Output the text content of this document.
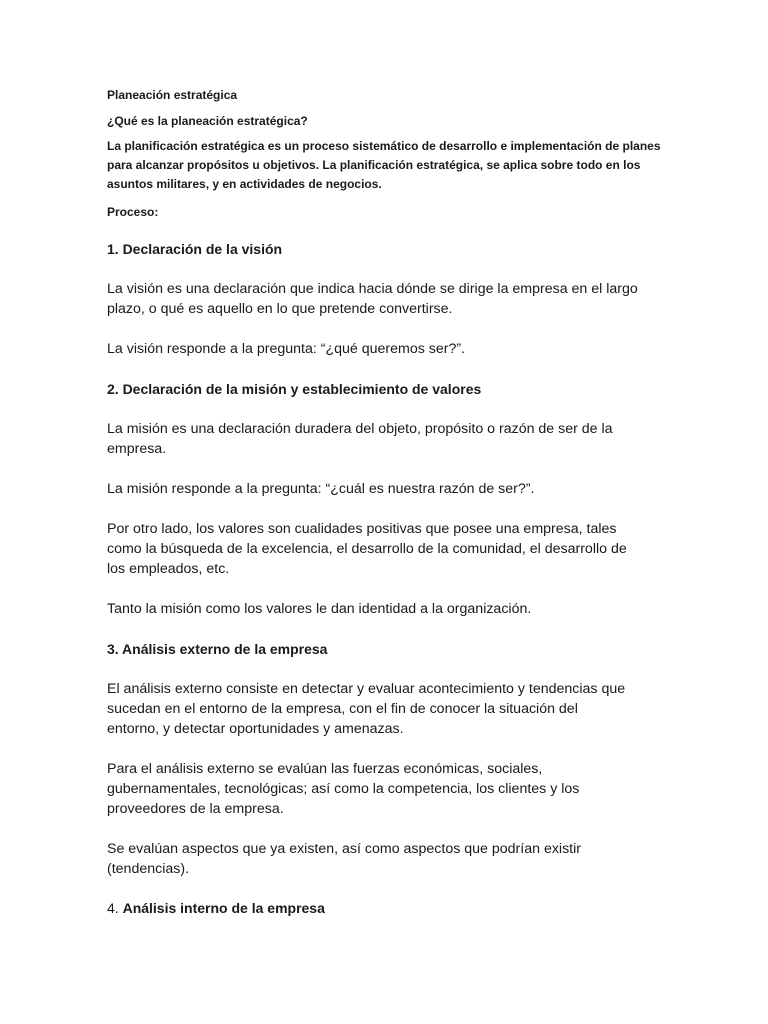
Planeación estratégica

¿Qué es la planeación estratégica?

La planificación estratégica es un proceso sistemático de desarrollo e implementación de planes

para alcanzar propósitos u objetivos. La planificación estratégica, se aplica sobre todo en los

asuntos militares, y en actividades de negocios.

Proceso:

1. Declaración de la visión

La visión es una declaración que indica hacia dónde se dirige la empresa en el largo

plazo, o qué es aquello en lo que pretende convertirse.

La visión responde a la pregunta: “¿qué queremos ser?”.

2. Declaración de la misión y establecimiento de valores

La misión es una declaración duradera del objeto, propósito o razón de ser de la

empresa.

La misión responde a la pregunta: “¿cuál es nuestra razón de ser?”.

Por otro lado, los valores son cualidades positivas que posee una empresa, tales

como la búsqueda de la excelencia, el desarrollo de la comunidad, el desarrollo de

los empleados, etc.

Tanto la misión como los valores le dan identidad a la organización.

3. Análisis externo de la empresa

El análisis externo consiste en detectar y evaluar acontecimiento y tendencias que

sucedan en el entorno de la empresa, con el fin de conocer la situación del

entorno, y detectar oportunidades y amenazas.

Para el análisis externo se evalúan las fuerzas económicas, sociales,

gubernamentales, tecnológicas; así como la competencia, los clientes y los

proveedores de la empresa.

Se evalúan aspectos que ya existen, así como aspectos que podrían existir

(tendencias).

4. Análisis interno de la empresa
